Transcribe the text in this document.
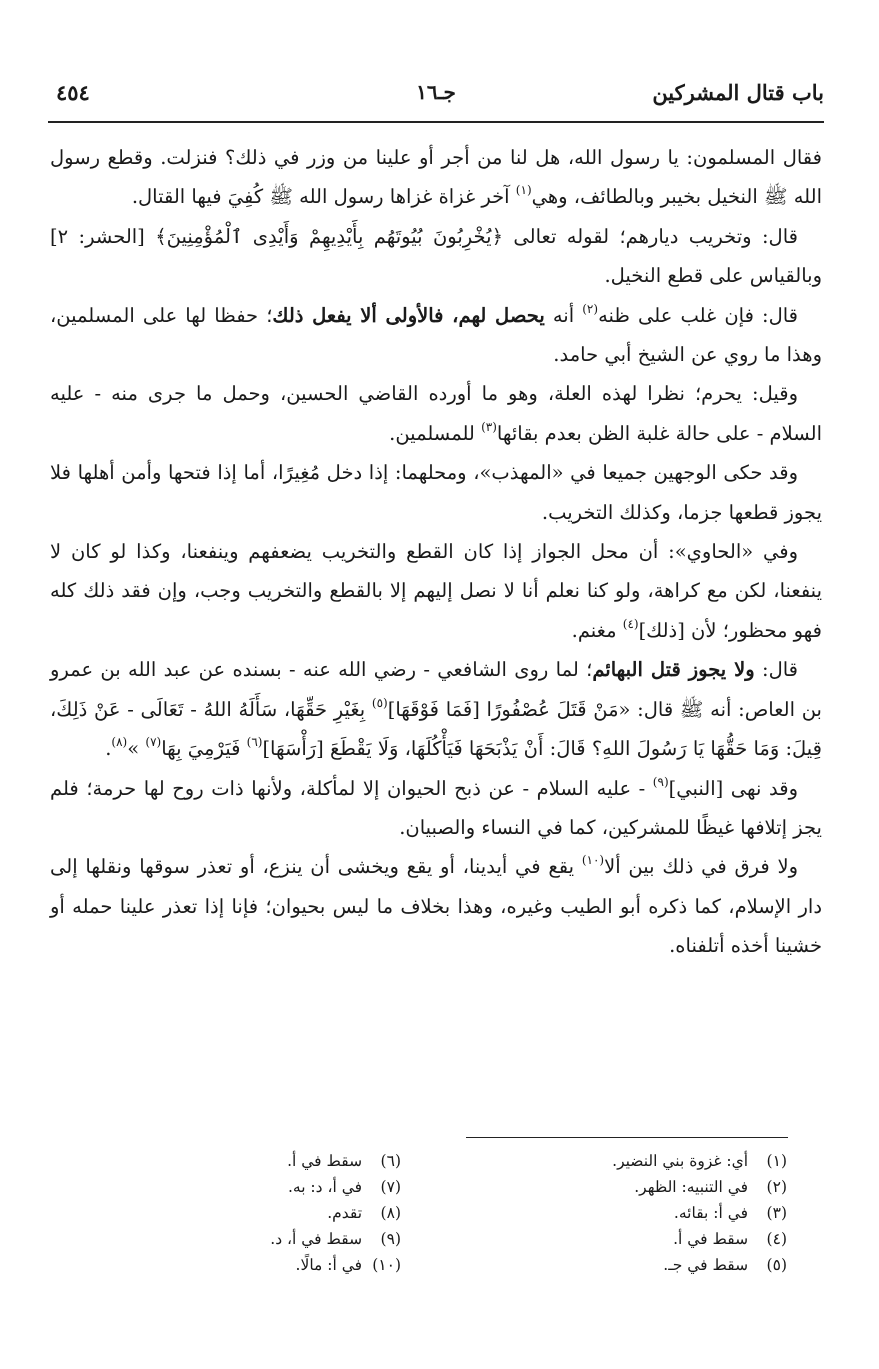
باب قتال المشركين
جـ١٦
٤٥٤

فقال المسلمون: يا رسول الله، هل لنا من أجر أو علينا من وزر في ذلك؟ فنزلت. وقطع رسول الله ﷺ النخيل بخيبر وبالطائف، وهي$^{(١)}$ آخر غزاة غزاها رسول الله ﷺ كُفِيَ فيها القتال.

قال: وتخريب ديارهم؛ لقوله تعالى ﴿يُخْرِبُونَ بُيُوتَهُم بِأَيْدِيهِمْ وَأَيْدِى ٱلْمُؤْمِنِينَ﴾ [الحشر: ٢] وبالقياس على قطع النخيل.

قال: فإن غلب على ظنه$^{(٢)}$ أنه يحصل لهم، فالأولى ألا يفعل ذلك؛ حفظا لها على المسلمين، وهذا ما روي عن الشيخ أبي حامد.

وقيل: يحرم؛ نظرا لهذه العلة، وهو ما أورده القاضي الحسين، وحمل ما جرى منه - عليه السلام - على حالة غلبة الظن بعدم بقائها$^{(٣)}$ للمسلمين.

وقد حكى الوجهين جميعا في «المهذب»، ومحلهما: إذا دخل مُغِيرًا، أما إذا فتحها وأمن أهلها فلا يجوز قطعها جزما، وكذلك التخريب.

وفي «الحاوي»: أن محل الجواز إذا كان القطع والتخريب يضعفهم وينفعنا، وكذا لو كان لا ينفعنا، لكن مع كراهة، ولو كنا نعلم أنا لا نصل إليهم إلا بالقطع والتخريب وجب، وإن فقد ذلك كله فهو محظور؛ لأن [ذلك]$^{(٤)}$ مغنم.

قال: ولا يجوز قتل البهائم؛ لما روى الشافعي - رضي الله عنه - بسنده عن عبد الله بن عمرو بن العاص: أنه ﷺ قال: «مَنْ قَتَلَ عُصْفُورًا [فَمَا فَوْقَهَا]$^{(٥)}$ بِغَيْرِ حَقِّهَا، سَأَلَهُ اللهُ - تَعَالَى - عَنْ ذَلِكَ، قِيلَ: وَمَا حَقُّهَا يَا رَسُولَ اللهِ؟ قَالَ: أَنْ يَذْبَحَهَا فَيَأْكُلَهَا، وَلَا يَقْطَعَ [رَأْسَهَا]$^{(٦)}$ فَيَرْمِيَ بِهَا$^{(٧)}$ »$^{(٨)}$.

وقد نهى [النبي]$^{(٩)}$ - عليه السلام - عن ذبح الحيوان إلا لمأكلة، ولأنها ذات روح لها حرمة؛ فلم يجز إتلافها غيظًا للمشركين، كما في النساء والصبيان.

ولا فرق في ذلك بين ألا$^{(١٠)}$ يقع في أيدينا، أو يقع ويخشى أن ينزع، أو تعذر سوقها ونقلها إلى دار الإسلام، كما ذكره أبو الطيب وغيره، وهذا بخلاف ما ليس بحيوان؛ فإنا إذا تعذر علينا حمله أو خشينا أخذه أتلفناه.

(١) أي: غزوة بني النضير.
(٢) في التنبيه: الظهر.
(٣) في أ: بقائه.
(٤) سقط في أ.
(٥) سقط في جـ.
(٦) سقط في أ.
(٧) في أ، د: به.
(٨) تقدم.
(٩) سقط في أ، د.
(١٠) في أ: مالًا.
